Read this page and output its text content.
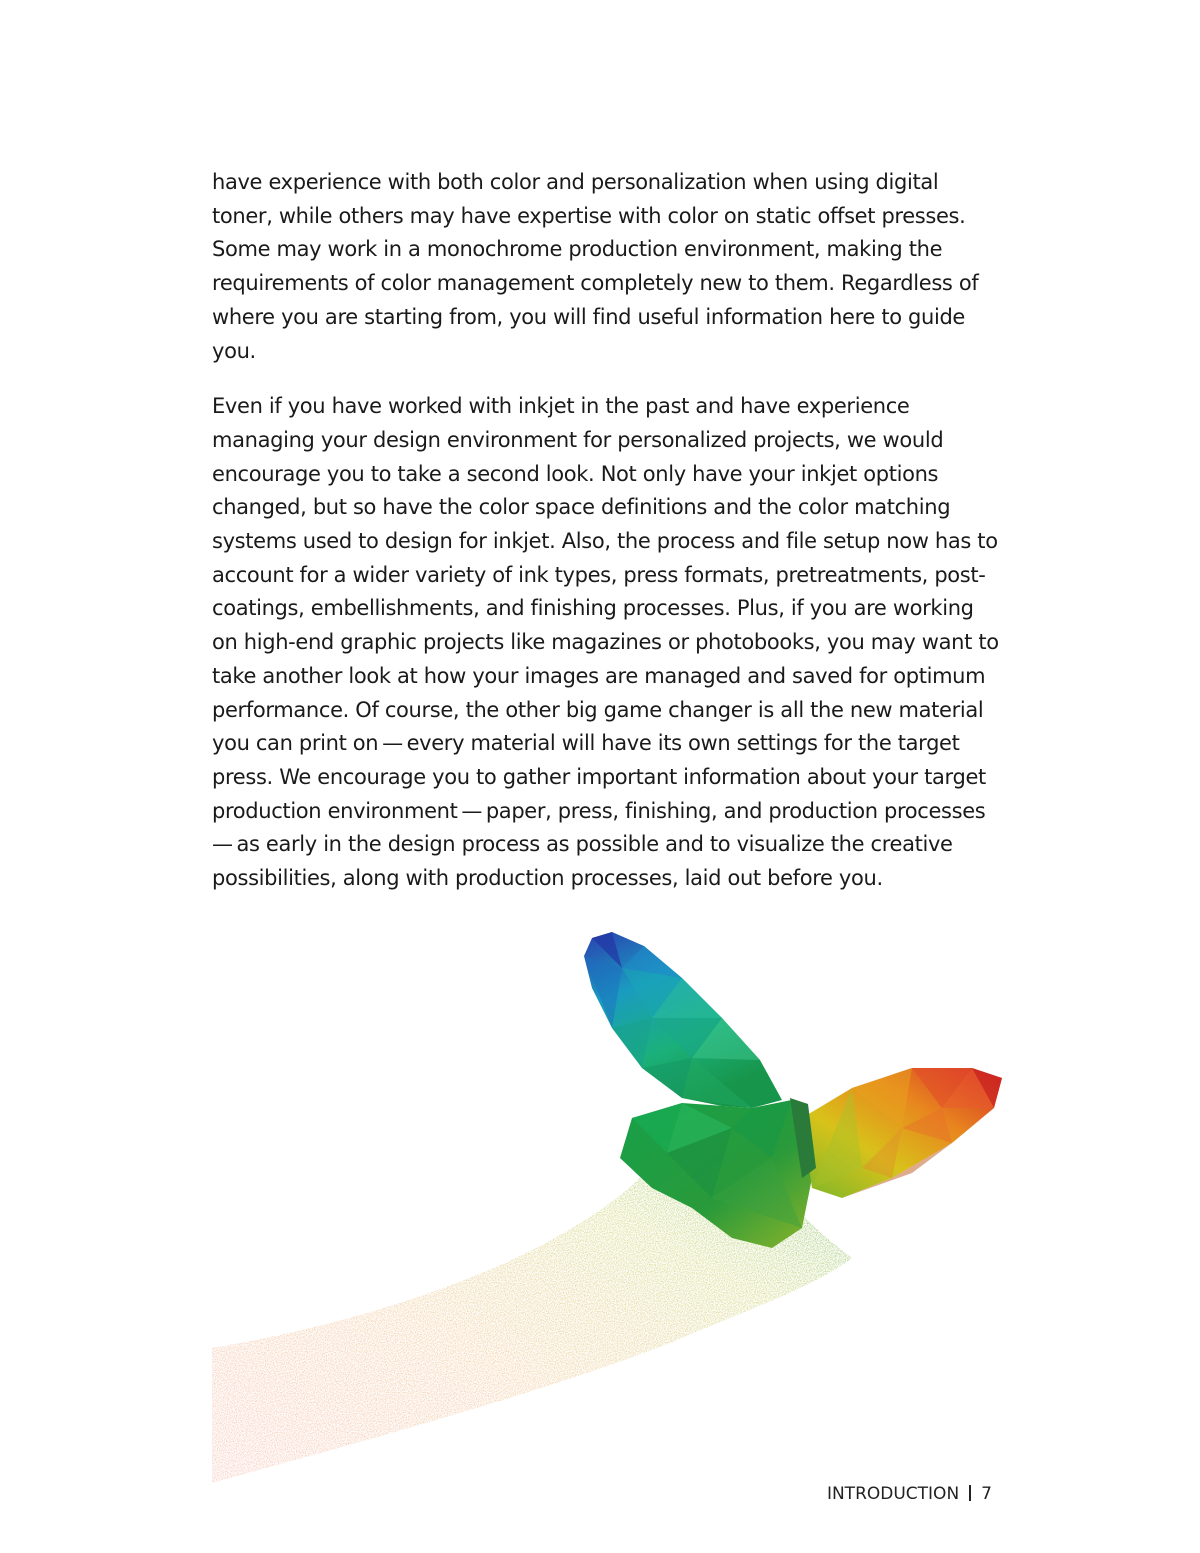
have experience with both color and personalization when using digital toner, while others may have expertise with color on static offset presses. Some may work in a monochrome production environment, making the requirements of color management completely new to them. Regardless of where you are starting from, you will find useful information here to guide you.

Even if you have worked with inkjet in the past and have experience managing your design environment for personalized projects, we would encourage you to take a second look. Not only have your inkjet options changed, but so have the color space definitions and the color matching systems used to design for inkjet. Also, the process and file setup now has to account for a wider variety of ink types, press formats, pretreatments, post-coatings, embellishments, and finishing processes. Plus, if you are working on high-end graphic projects like magazines or photobooks, you may want to take another look at how your images are managed and saved for optimum performance. Of course, the other big game changer is all the new material you can print on — every material will have its own settings for the target press. We encourage you to gather important information about your target production environment — paper, press, finishing, and production processes — as early in the design process as possible and to visualize the creative possibilities, along with production processes, laid out before you.

INTRODUCTION 7
